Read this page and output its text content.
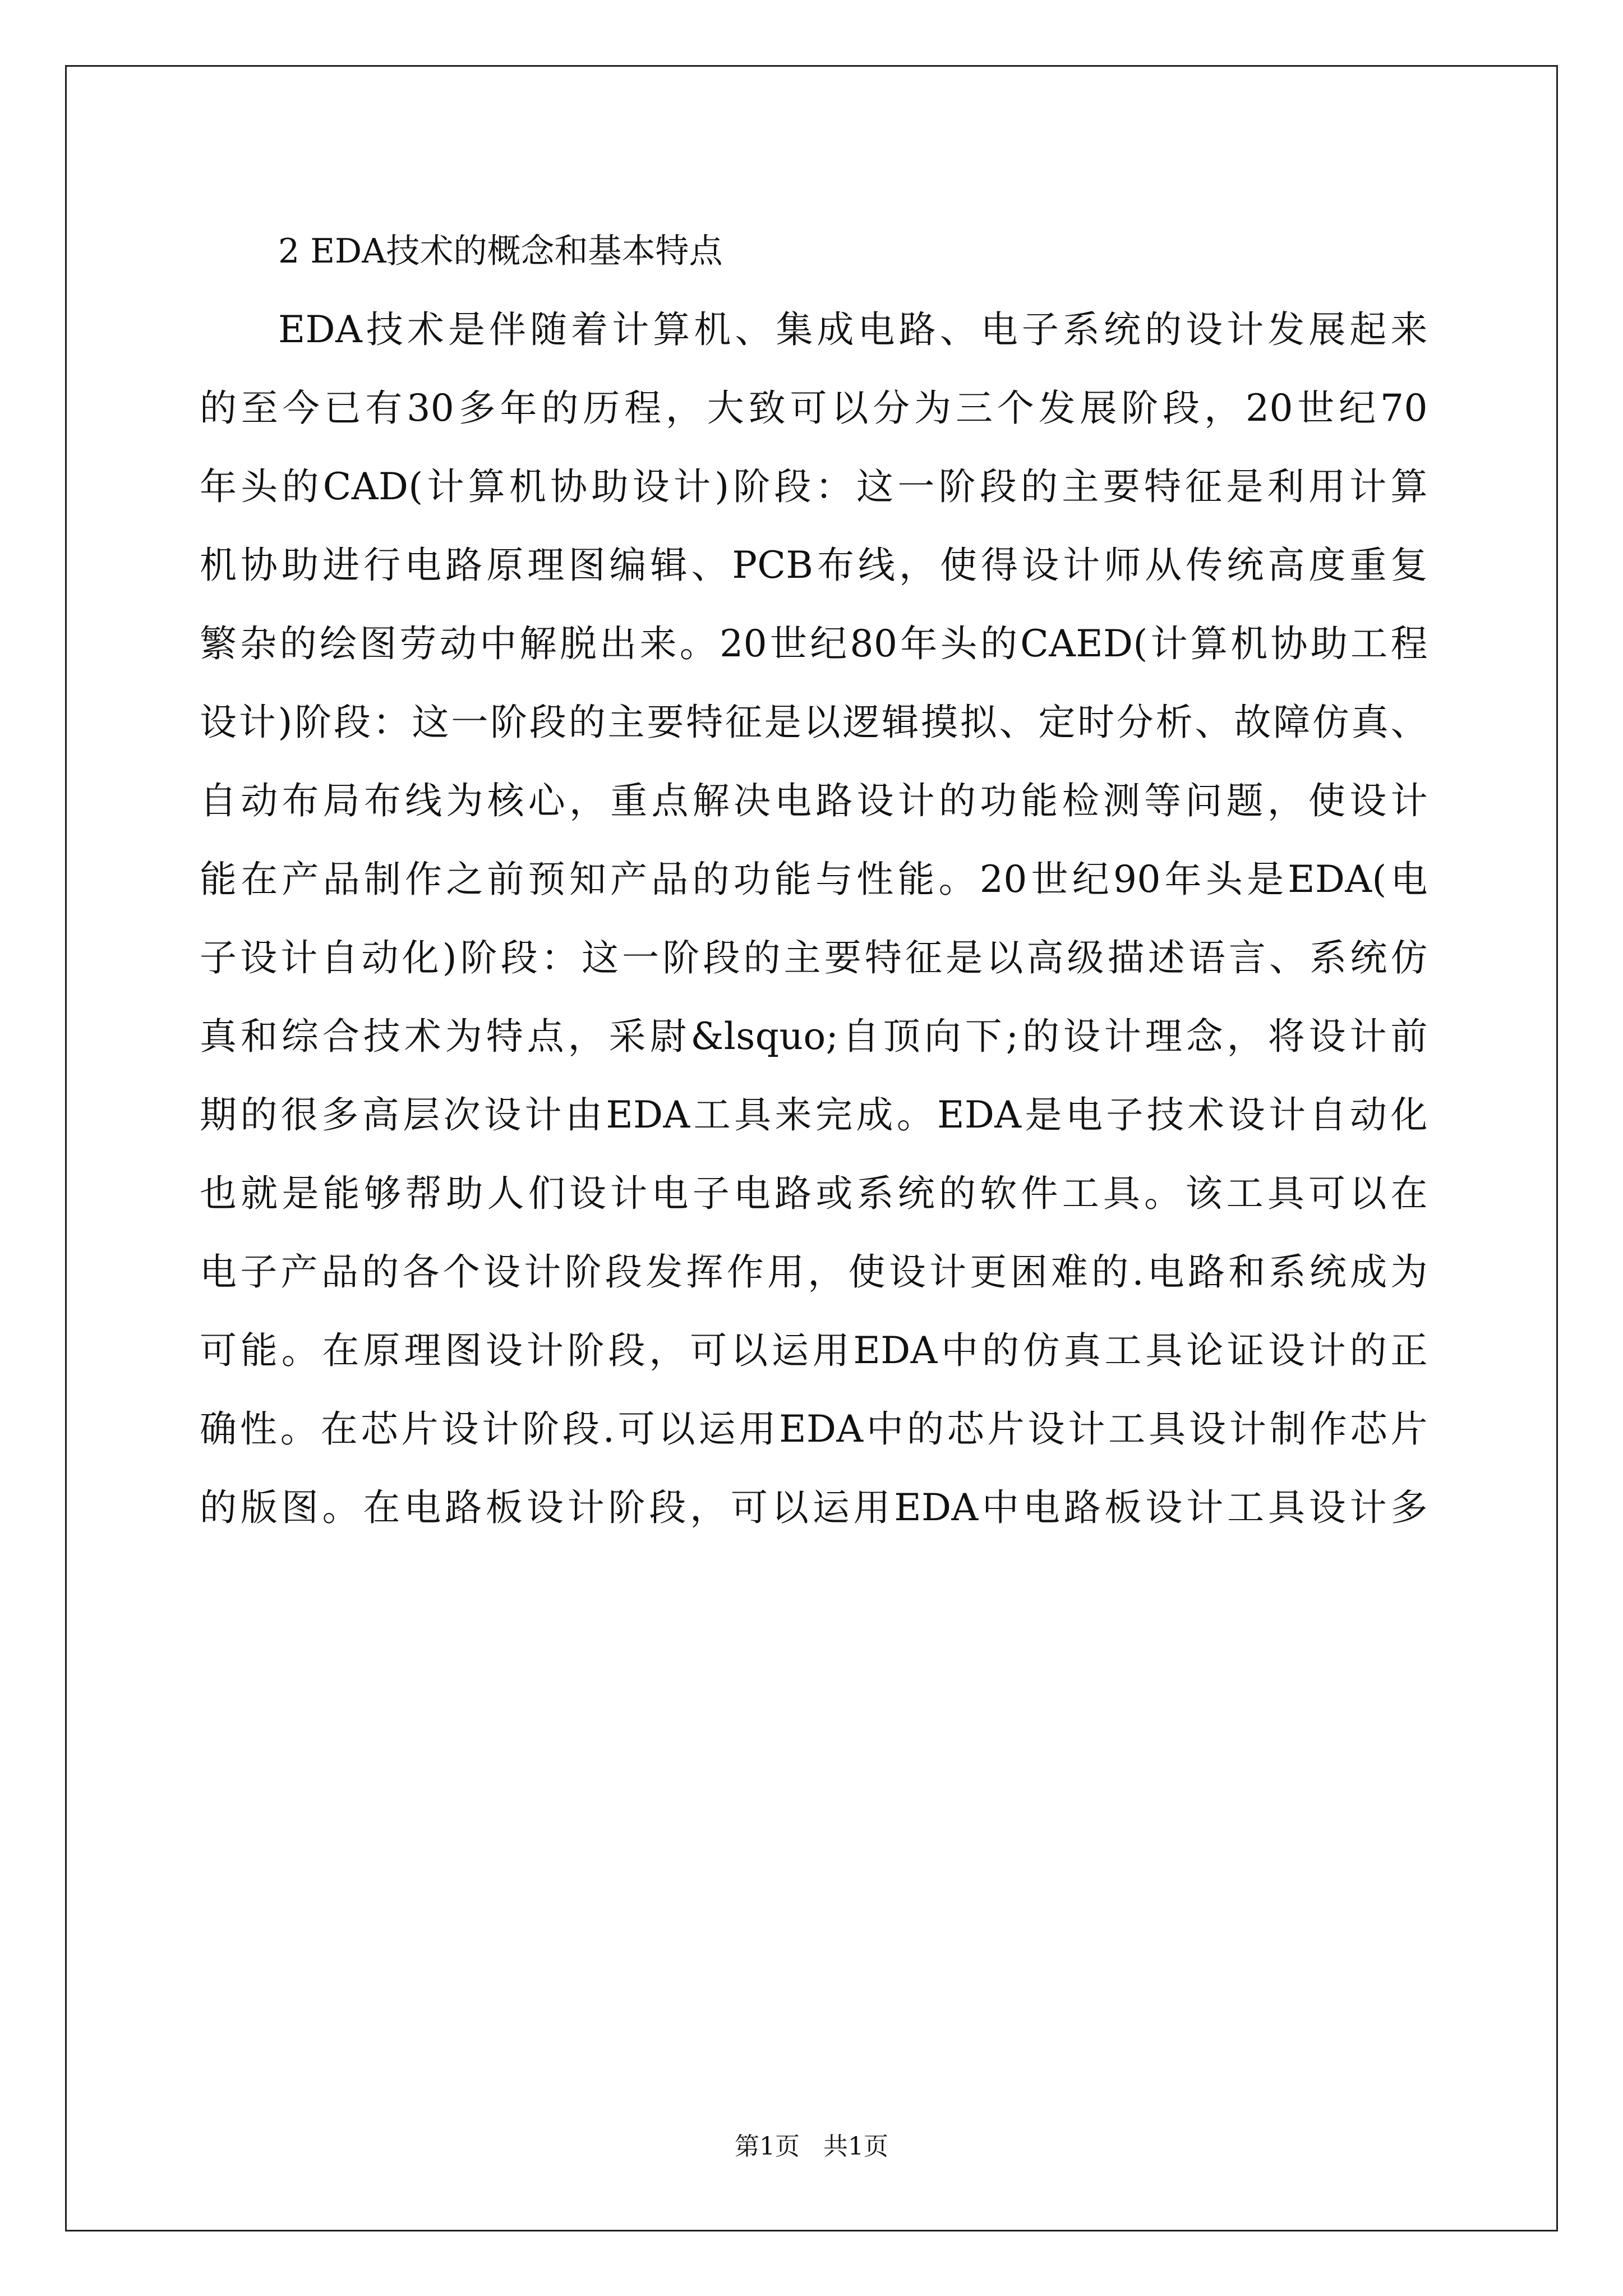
2 EDA技术的概念和基本特点
EDA技术是伴随着计算机、集成电路、电子系统的设计发展起来
的至今已有30多年的历程，大致可以分为三个发展阶段，20世纪70
年头的CAD(计算机协助设计)阶段：这一阶段的主要特征是利用计算
机协助进行电路原理图编辑、PCB布线，使得设计师从传统高度重复
繁杂的绘图劳动中解脱出来。20世纪80年头的CAED(计算机协助工程
设计)阶段：这一阶段的主要特征是以逻辑摸拟、定时分析、故障仿真、
自动布局布线为核心，重点解决电路设计的功能检测等问题，使设计
能在产品制作之前预知产品的功能与性能。20世纪90年头是EDA(电
子设计自动化)阶段：这一阶段的主要特征是以高级描述语言、系统仿
真和综合技术为特点，采尉&lsquo;自顶向下;的设计理念，将设计前
期的很多高层次设计由EDA工具来完成。EDA是电子技术设计自动化
也就是能够帮助人们设计电子电路或系统的软件工具。该工具可以在
电子产品的各个设计阶段发挥作用，使设计更困难的.电路和系统成为
可能。在原理图设计阶段，可以运用EDA中的仿真工具论证设计的正
确性。在芯片设计阶段.可以运用EDA中的芯片设计工具设计制作芯片
的版图。在电路板设计阶段，可以运用EDA中电路板设计工具设计多
第1页   共1页
